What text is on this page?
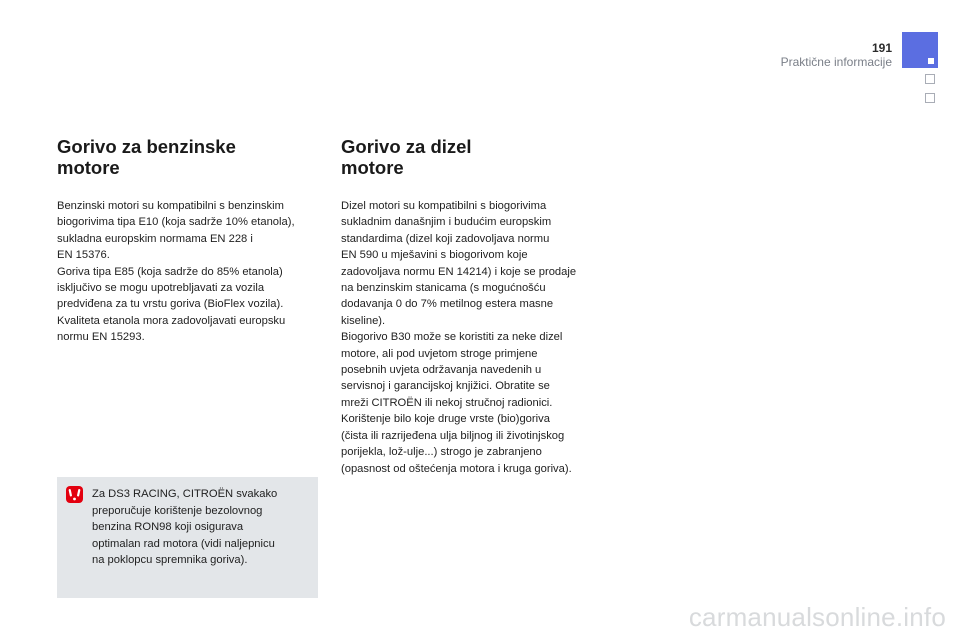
191
Praktične informacije
Gorivo za benzinske
motore
Benzinski motori su kompatibilni s benzinskim
biogorivima tipa E10 (koja sadrže 10% etanola),
sukladna europskim normama EN 228 i
EN 15376.
Goriva tipa E85 (koja sadrže do 85% etanola)
isključivo se mogu upotrebljavati za vozila
predviđena za tu vrstu goriva (BioFlex vozila).
Kvaliteta etanola mora zadovoljavati europsku
normu EN 15293.
Gorivo za dizel
motore
Dizel motori su kompatibilni s biogorivima
sukladnim današnjim i budućim europskim
standardima (dizel koji zadovoljava normu
EN 590 u mješavini s biogorivom koje
zadovoljava normu EN 14214) i koje se prodaje
na benzinskim stanicama (s mogućnošću
dodavanja 0 do 7% metilnog estera masne
kiseline).
Biogorivo B30 može se koristiti za neke dizel
motore, ali pod uvjetom stroge primjene
posebnih uvjeta održavanja navedenih u
servisnoj i garancijskoj knjižici. Obratite se
mreži CITROËN ili nekoj stručnoj radionici.
Korištenje bilo koje druge vrste (bio)goriva
(čista ili razrijeđena ulja biljnog ili životinjskog
porijekla, lož-ulje...) strogo je zabranjeno
(opasnost od oštećenja motora i kruga goriva).
Za DS3 RACING, CITROËN svakako
preporučuje korištenje bezolovnog
benzina RON98 koji osigurava
optimalan rad motora (vidi naljepnicu
na poklopcu spremnika goriva).
carmanualsonline.info
